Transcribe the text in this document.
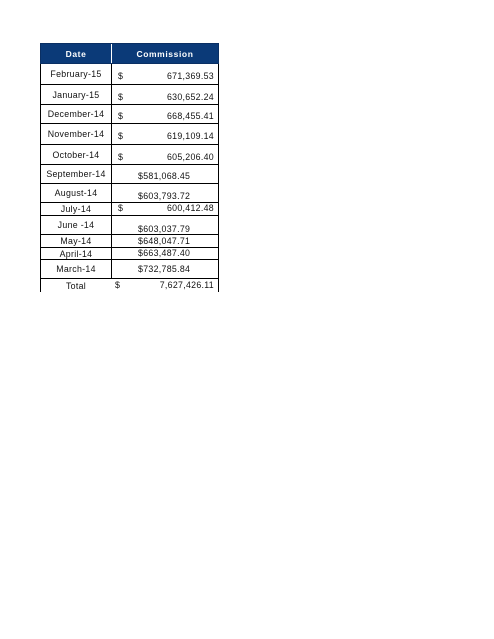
Date	Commission
February-15	$	671,369.53
January-15	$	630,652.24
December-14	$	668,455.41
November-14	$	619,109.14
October-14	$	605,206.40
September-14	$581,068.45
August-14	$603,793.72
July-14	$	600,412.48
June -14	$603,037.79
May-14	$648,047.71
April-14	$663,487.40
March-14	$732,785.84
Total	$	7,627,426.11
